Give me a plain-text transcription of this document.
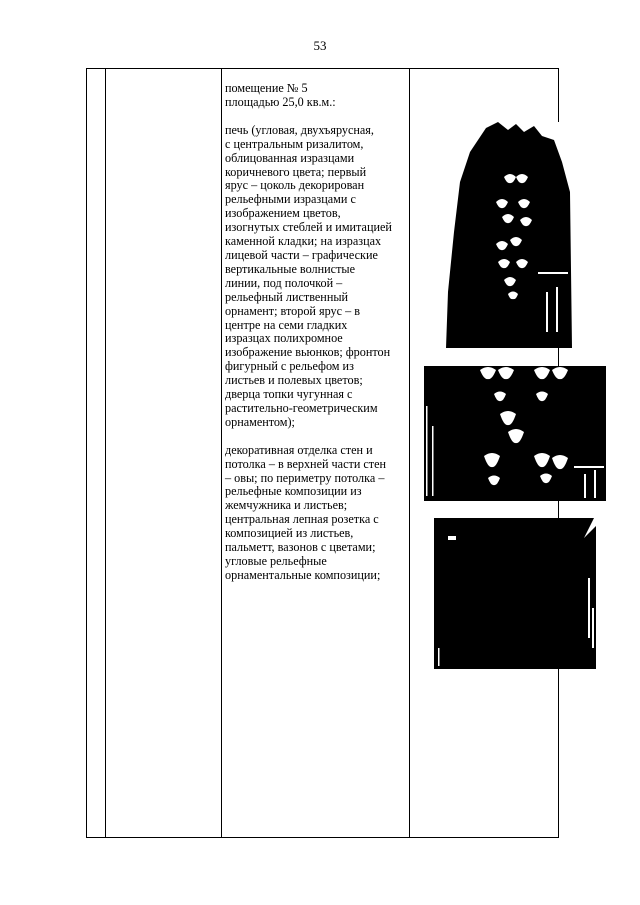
53

помещение № 5

площадью 25,0 кв.м.:

печь (угловая, двухъярусная,

с центральным ризалитом,

облицованная изразцами

коричневого цвета; первый

ярус – цоколь декорирован

рельефными изразцами с

изображением цветов,

изогнутых стеблей и имитацией

каменной кладки; на изразцах

лицевой части – графические

вертикальные волнистые

линии, под полочкой –

рельефный лиственный

орнамент; второй ярус – в

центре на семи гладких

изразцах полихромное

изображение вьюнков; фронтон

фигурный с рельефом из

листьев и полевых цветов;

дверца топки чугунная с

растительно-геометрическим

орнаментом);

декоративная отделка стен и

потолка – в верхней части стен

– овы; по периметру потолка –

рельефные композиции из

жемчужника и листьев;

центральная лепная розетка с

композицией из листьев,

пальметт, вазонов с цветами;

угловые рельефные

орнаментальные композиции;
